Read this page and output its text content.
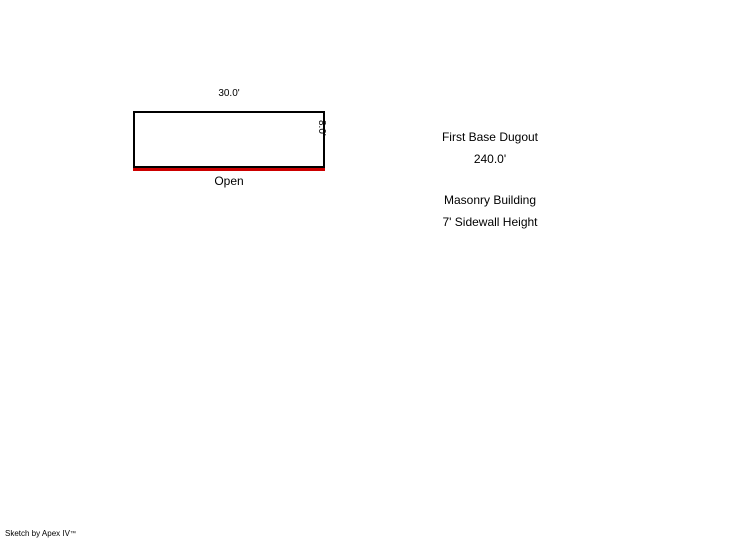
30.0'
8.0'
Open
First Base Dugout
240.0'
Masonry Building
7' Sidewall Height
Sketch by Apex IV™
